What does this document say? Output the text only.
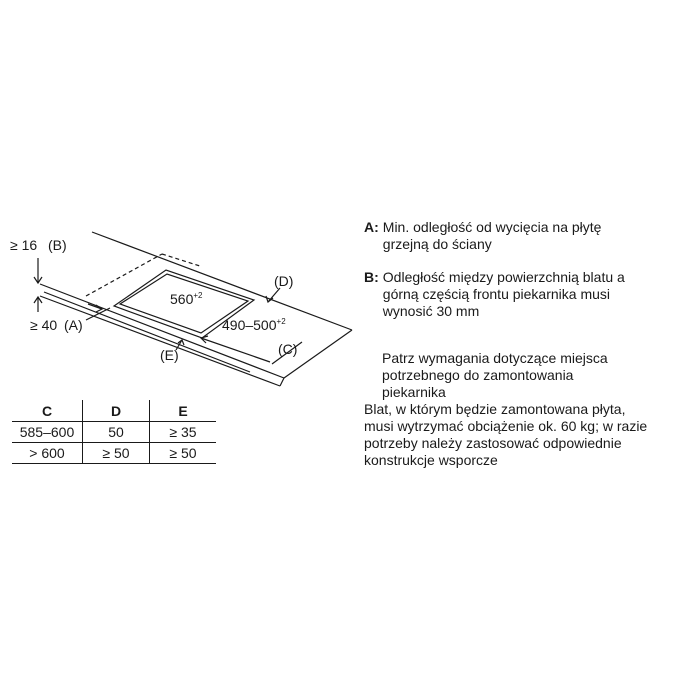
≥ 16 (B)
≥ 40 (A)
$560^{+2}$
$490-500^{+2}$
(D)
(C)
(E)
C	D	E
585–600	50	≥ 35
> 600	≥ 50	≥ 50
A: Min. odległość od wycięcia na płytę
grzejną do ściany
B: Odległość między powierzchnią blatu a
górną częścią frontu piekarnika musi
wynosić 30 mm
Patrz wymagania dotyczące miejsca
potrzebnego do zamontowania
piekarnika
Blat, w którym będzie zamontowana płyta,
musi wytrzymać obciążenie ok. 60 kg; w razie
potrzeby należy zastosować odpowiednie
konstrukcje wsporcze
